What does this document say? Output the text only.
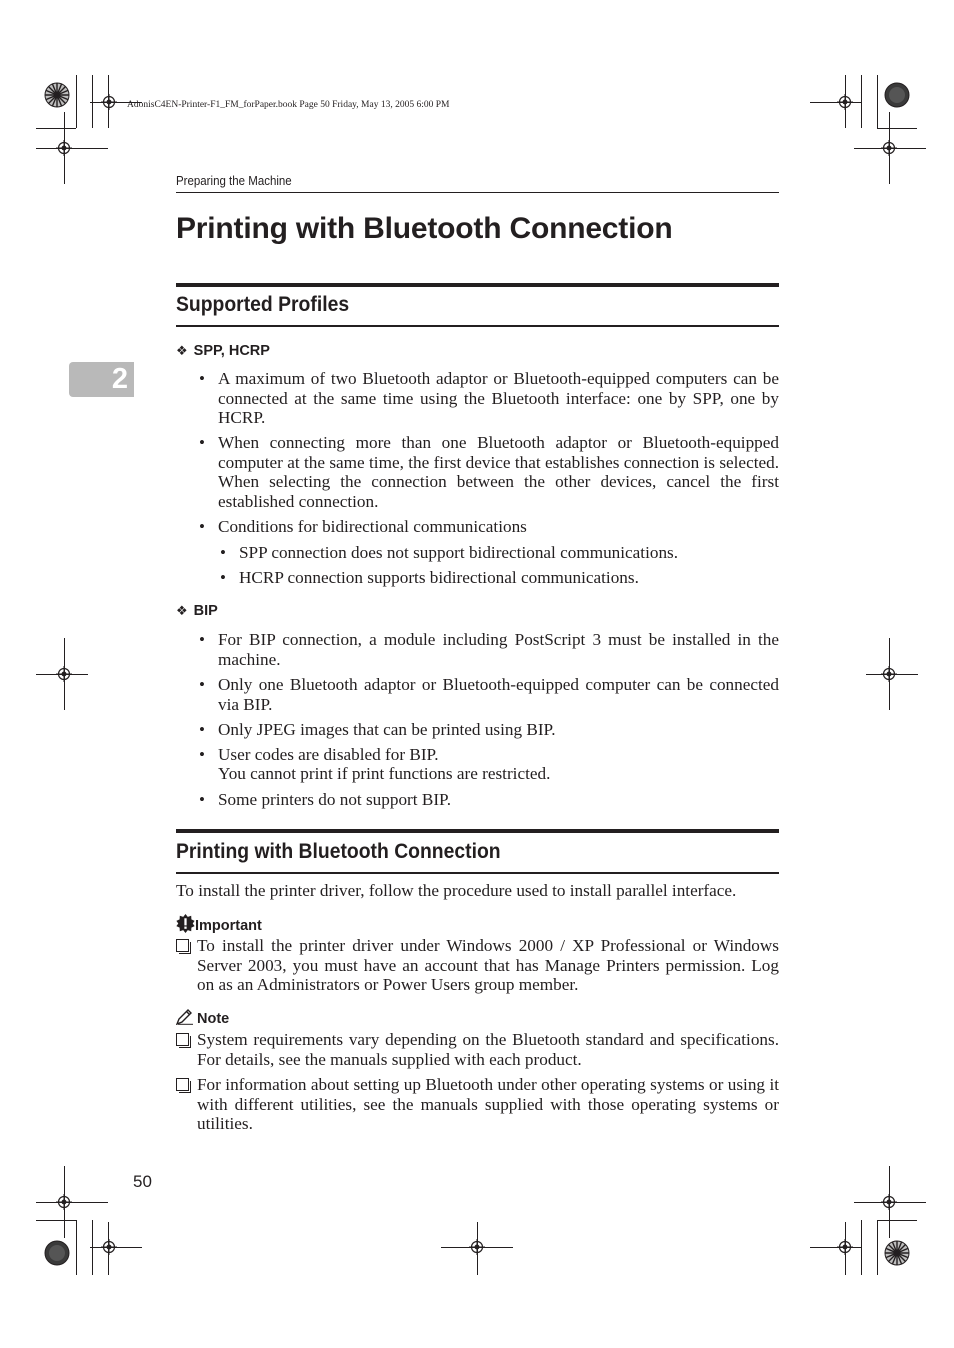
AdonisC4EN-Printer-F1_FM_forPaper.book Page 50 Friday, May 13, 2005 6:00 PM
Preparing the Machine
Printing with Bluetooth Connection
2
Supported Profiles
❖ SPP, HCRP
• A maximum of two Bluetooth adaptor or Bluetooth-equipped computers can be connected at the same time using the Bluetooth interface: one by SPP, one by HCRP.
• When connecting more than one Bluetooth adaptor or Bluetooth-equipped computer at the same time, the first device that establishes connection is selected. When selecting the connection between the other devices, cancel the first established connection.
• Conditions for bidirectional communications
• SPP connection does not support bidirectional communications.
• HCRP connection supports bidirectional communications.
❖ BIP
• For BIP connection, a module including PostScript 3 must be installed in the machine.
• Only one Bluetooth adaptor or Bluetooth-equipped computer can be connected via BIP.
• Only JPEG images that can be printed using BIP.
• User codes are disabled for BIP.
You cannot print if print functions are restricted.
• Some printers do not support BIP.
Printing with Bluetooth Connection
To install the printer driver, follow the procedure used to install parallel interface.
Important
To install the printer driver under Windows 2000 / XP Professional or Windows Server 2003, you must have an account that has Manage Printers permission. Log on as an Administrators or Power Users group member.
Note
System requirements vary depending on the Bluetooth standard and specifications. For details, see the manuals supplied with each product.
For information about setting up Bluetooth under other operating systems or using it with different utilities, see the manuals supplied with those operating systems or utilities.
50
